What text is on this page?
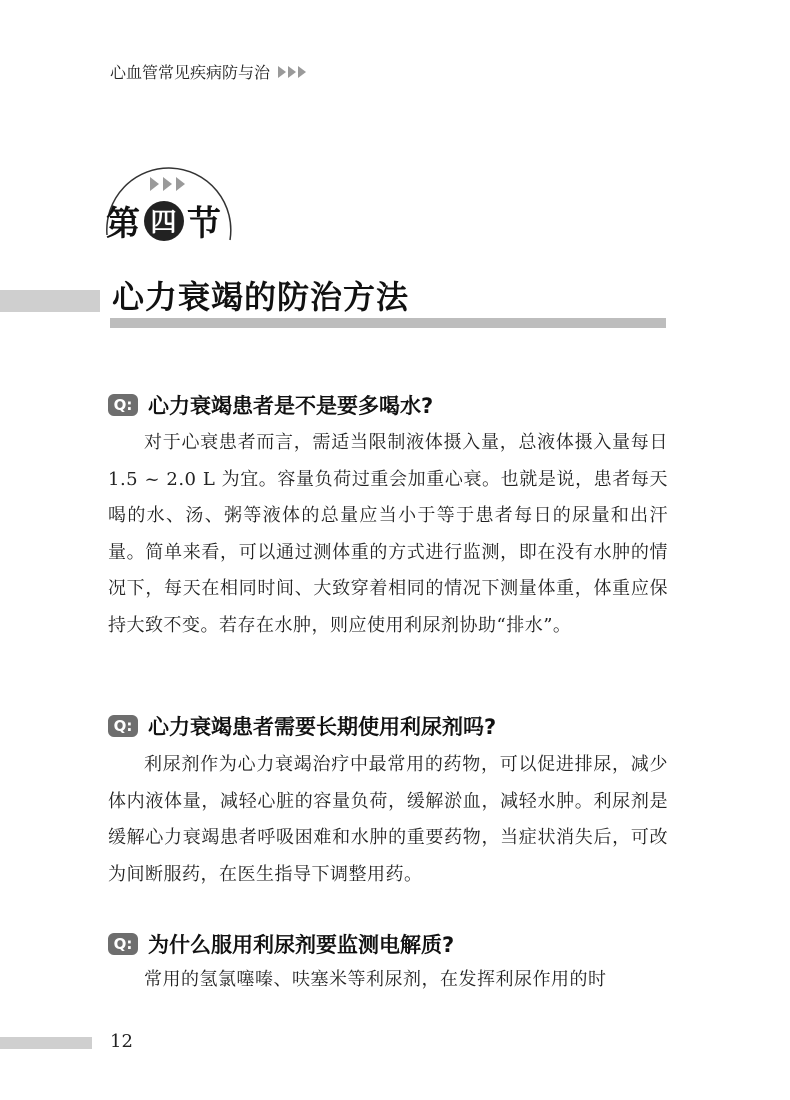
心血管常见疾病防与治
第 四 节
心力衰竭的防治方法
Q: 心力衰竭患者是不是要多喝水?
对于心衰患者而言，需适当限制液体摄入量，总液体摄入量每日 1.5 ~ 2.0 L 为宜。容量负荷过重会加重心衰。也就是说，患者每天喝的水、汤、粥等液体的总量应当小于等于患者每日的尿量和出汗量。简单来看，可以通过测体重的方式进行监测，即在没有水肿的情况下，每天在相同时间、大致穿着相同的情况下测量体重，体重应保持大致不变。若存在水肿，则应使用利尿剂协助“排水”。
Q: 心力衰竭患者需要长期使用利尿剂吗?
利尿剂作为心力衰竭治疗中最常用的药物，可以促进排尿，减少体内液体量，减轻心脏的容量负荷，缓解淤血，减轻水肿。利尿剂是缓解心力衰竭患者呼吸困难和水肿的重要药物，当症状消失后，可改为间断服药，在医生指导下调整用药。
Q: 为什么服用利尿剂要监测电解质?
常用的氢氯噻嗪、呋塞米等利尿剂，在发挥利尿作用的时
12
